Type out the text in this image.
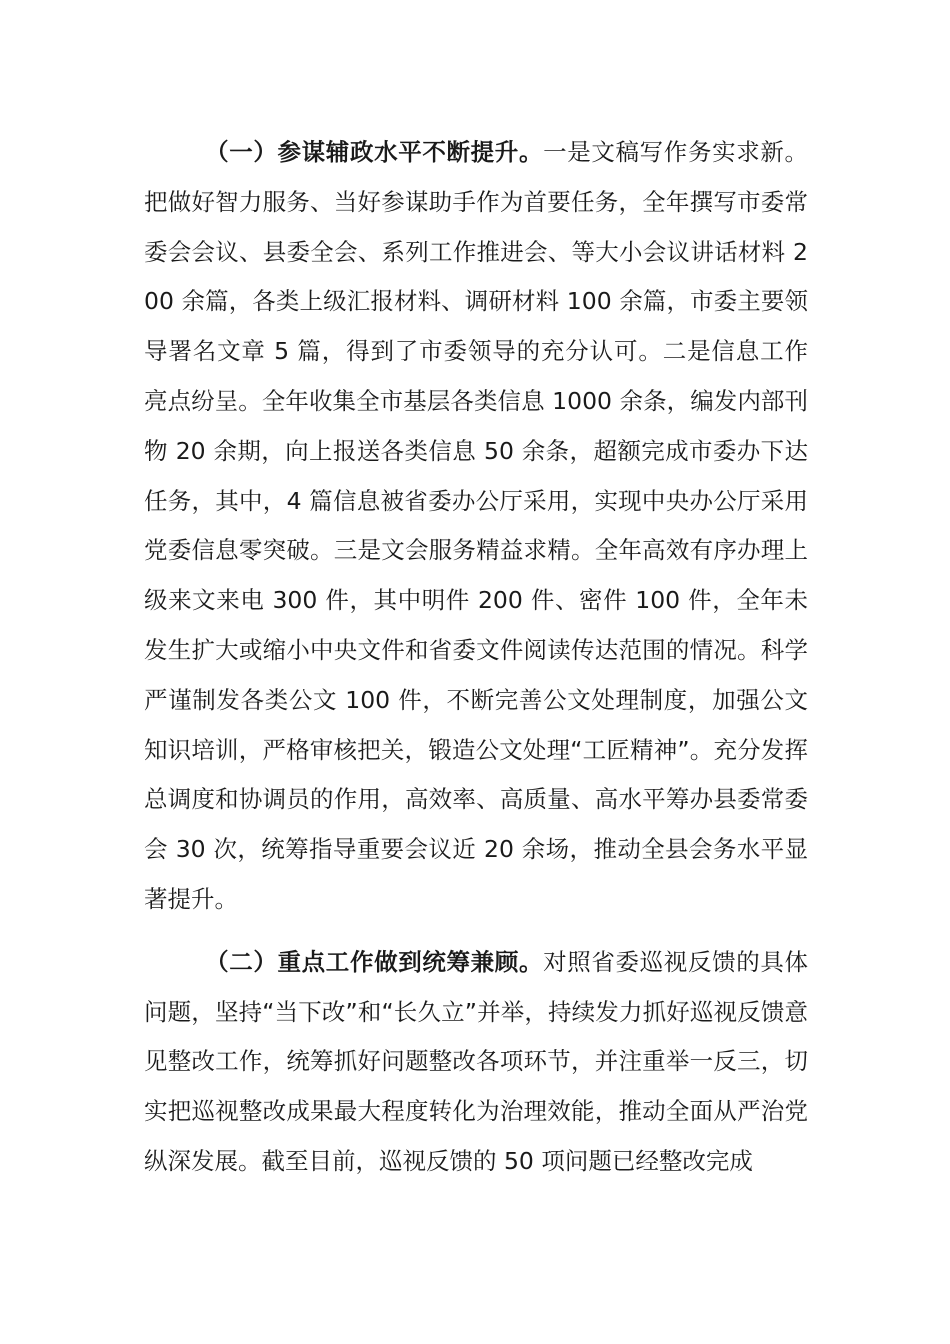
（一）参谋辅政水平不断提升。一是文稿写作务实求新。把做好智力服务、当好参谋助手作为首要任务，全年撰写市委常委会会议、县委全会、系列工作推进会、等大小会议讲话材料 200 余篇，各类上级汇报材料、调研材料 100 余篇，市委主要领导署名文章 5 篇，得到了市委领导的充分认可。二是信息工作亮点纷呈。全年收集全市基层各类信息 1000 余条，编发内部刊物 20 余期，向上报送各类信息 50 余条，超额完成市委办下达任务，其中，4 篇信息被省委办公厅采用，实现中央办公厅采用党委信息零突破。三是文会服务精益求精。全年高效有序办理上级来文来电 300 件，其中明件 200 件、密件 100 件，全年未发生扩大或缩小中央文件和省委文件阅读传达范围的情况。科学严谨制发各类公文 100 件，不断完善公文处理制度，加强公文知识培训，严格审核把关，锻造公文处理“工匠精神”。充分发挥总调度和协调员的作用，高效率、高质量、高水平筹办县委常委会 30 次，统筹指导重要会议近 20 余场，推动全县会务水平显著提升。

（二）重点工作做到统筹兼顾。对照省委巡视反馈的具体问题，坚持“当下改”和“长久立”并举，持续发力抓好巡视反馈意见整改工作，统筹抓好问题整改各项环节，并注重举一反三，切实把巡视整改成果最大程度转化为治理效能，推动全面从严治党纵深发展。截至目前，巡视反馈的 50 项问题已经整改完成
